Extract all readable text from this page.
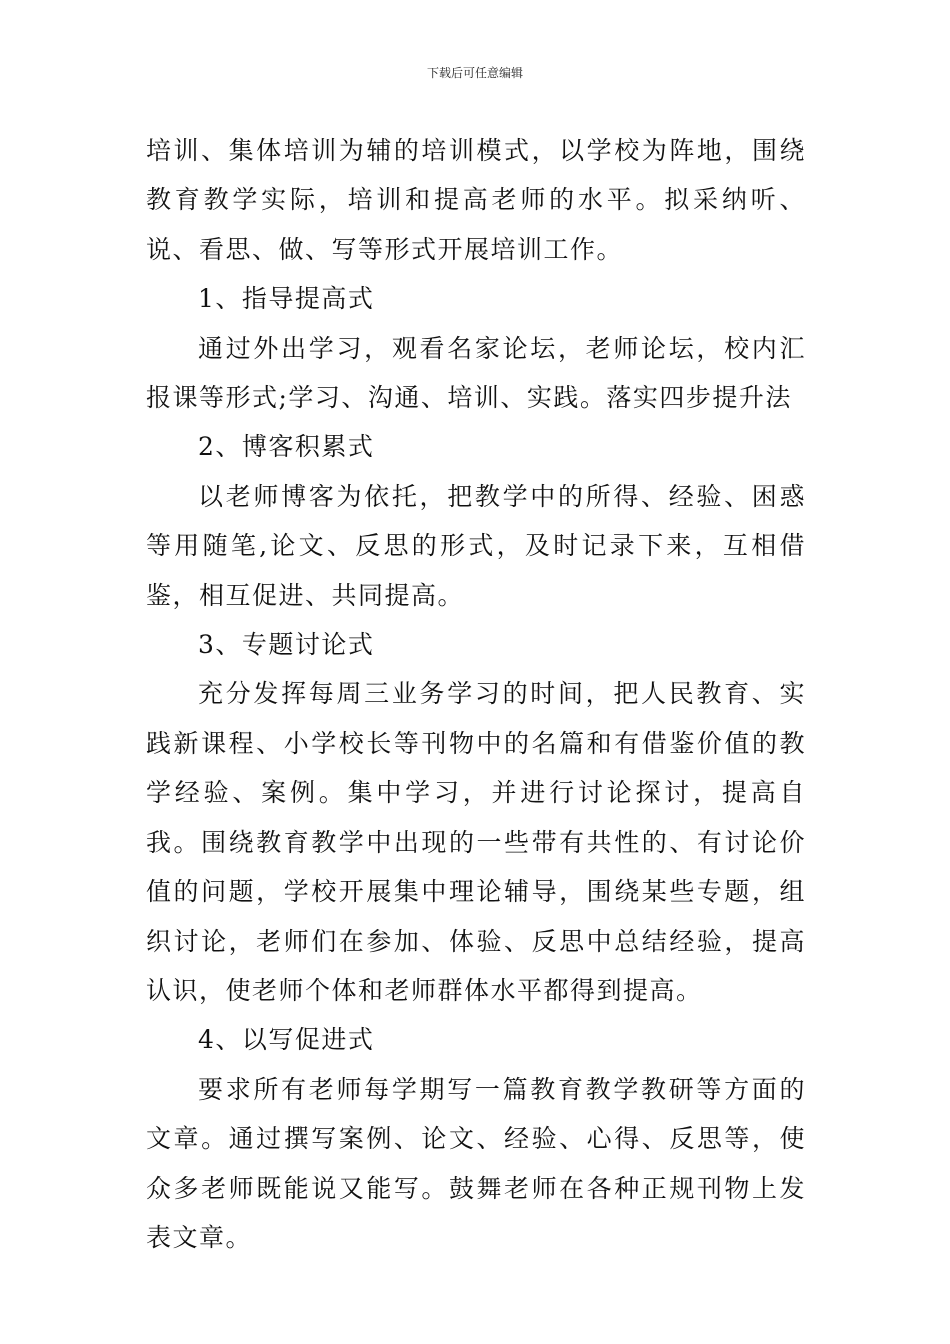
下载后可任意编辑

培训、集体培训为辅的培训模式，以学校为阵地，围绕教育教学实际，培训和提高老师的水平。拟采纳听、说、看思、做、写等形式开展培训工作。

1、指导提高式

通过外出学习，观看名家论坛，老师论坛，校内汇报课等形式;学习、沟通、培训、实践。落实四步提升法

2、博客积累式

以老师博客为依托，把教学中的所得、经验、困惑等用随笔,论文、反思的形式，及时记录下来，互相借鉴，相互促进、共同提高。

3、专题讨论式

充分发挥每周三业务学习的时间，把人民教育、实践新课程、小学校长等刊物中的名篇和有借鉴价值的教学经验、案例。集中学习，并进行讨论探讨，提高自我。围绕教育教学中出现的一些带有共性的、有讨论价值的问题，学校开展集中理论辅导，围绕某些专题，组织讨论，老师们在参加、体验、反思中总结经验，提高认识，使老师个体和老师群体水平都得到提高。

4、以写促进式

要求所有老师每学期写一篇教育教学教研等方面的文章。通过撰写案例、论文、经验、心得、反思等，使众多老师既能说又能写。鼓舞老师在各种正规刊物上发表文章。
